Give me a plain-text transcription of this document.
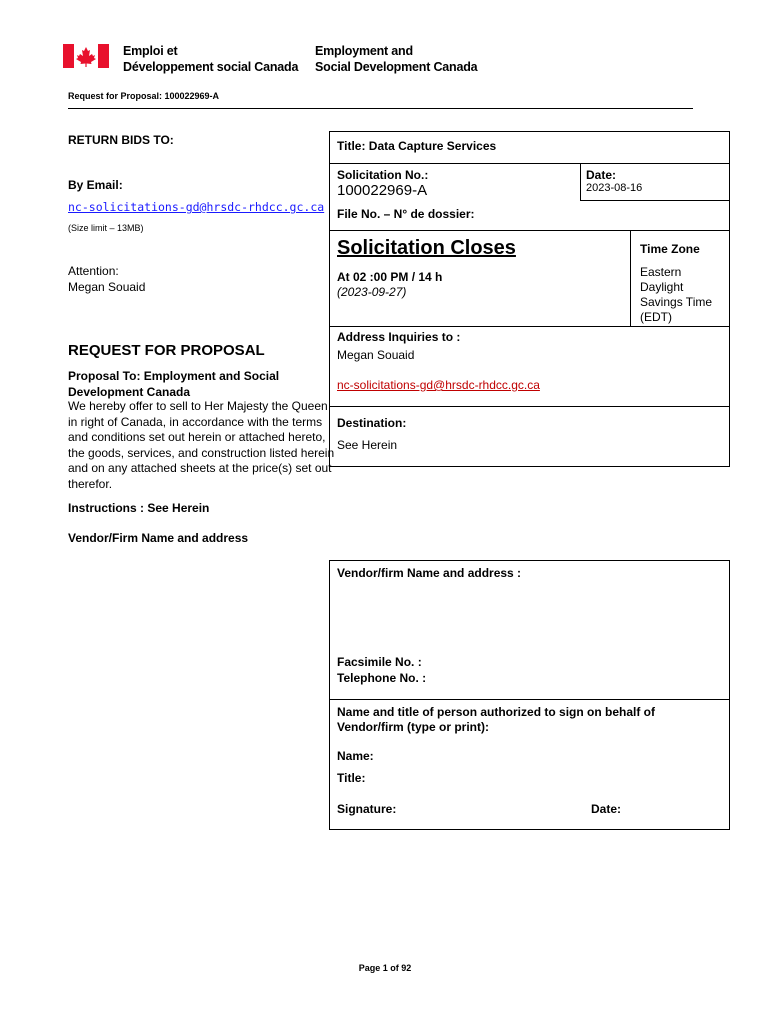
Emploi et
Développement social Canada
Employment and
Social Development Canada
Request for Proposal: 100022969-A
RETURN BIDS TO:
By Email:
nc-solicitations-gd@hrsdc-rhdcc.gc.ca
(Size limit – 13MB)
Attention:
Megan Souaid
REQUEST FOR PROPOSAL
Proposal To: Employment and Social Development Canada
We hereby offer to sell to Her Majesty the Queen in right of Canada, in accordance with the terms and conditions set out herein or attached hereto, the goods, services, and construction listed herein and on any attached sheets at the price(s) set out therefor.
Instructions : See Herein
Vendor/Firm Name and address
Title: Data Capture Services
Solicitation No.:
100022969-A
Date:
2023-08-16
File No. – N° de dossier:
Solicitation Closes
At 02 :00 PM / 14 h
(2023-09-27)
Time Zone
Eastern
Daylight
Savings Time
(EDT)
Address Inquiries to :
Megan Souaid
nc-solicitations-gd@hrsdc-rhdcc.gc.ca
Destination:
See Herein
Vendor/firm Name and address :
Facsimile No. :
Telephone No. :
Name and title of person authorized to sign on behalf of Vendor/firm (type or print):
Name:
Title:
Signature:	Date:
Page 1 of 92
